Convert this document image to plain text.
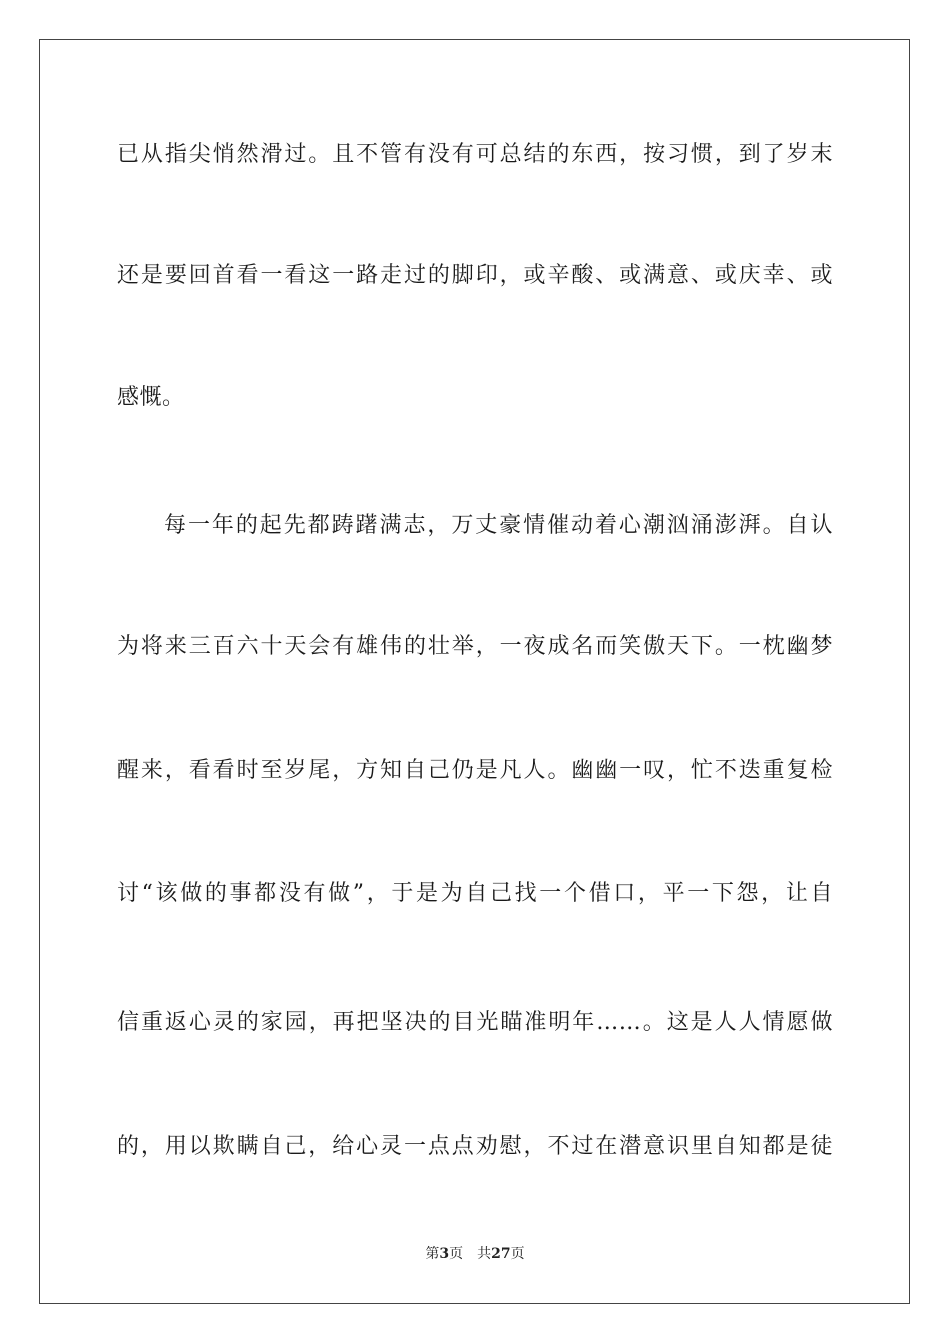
已从指尖悄然滑过。且不管有没有可总结的东西，按习惯，到了岁末
还是要回首看一看这一路走过的脚印，或辛酸、或满意、或庆幸、或
感慨。
每一年的起先都踌躇满志，万丈豪情催动着心潮汹涌澎湃。自认
为将来三百六十天会有雄伟的壮举，一夜成名而笑傲天下。一枕幽梦
醒来，看看时至岁尾，方知自己仍是凡人。幽幽一叹，忙不迭重复检
讨“该做的事都没有做”，于是为自己找一个借口，平一下怨，让自
信重返心灵的家园，再把坚决的目光瞄准明年……。这是人人情愿做
的，用以欺瞒自己，给心灵一点点劝慰，不过在潜意识里自知都是徒
第3页 共27页
